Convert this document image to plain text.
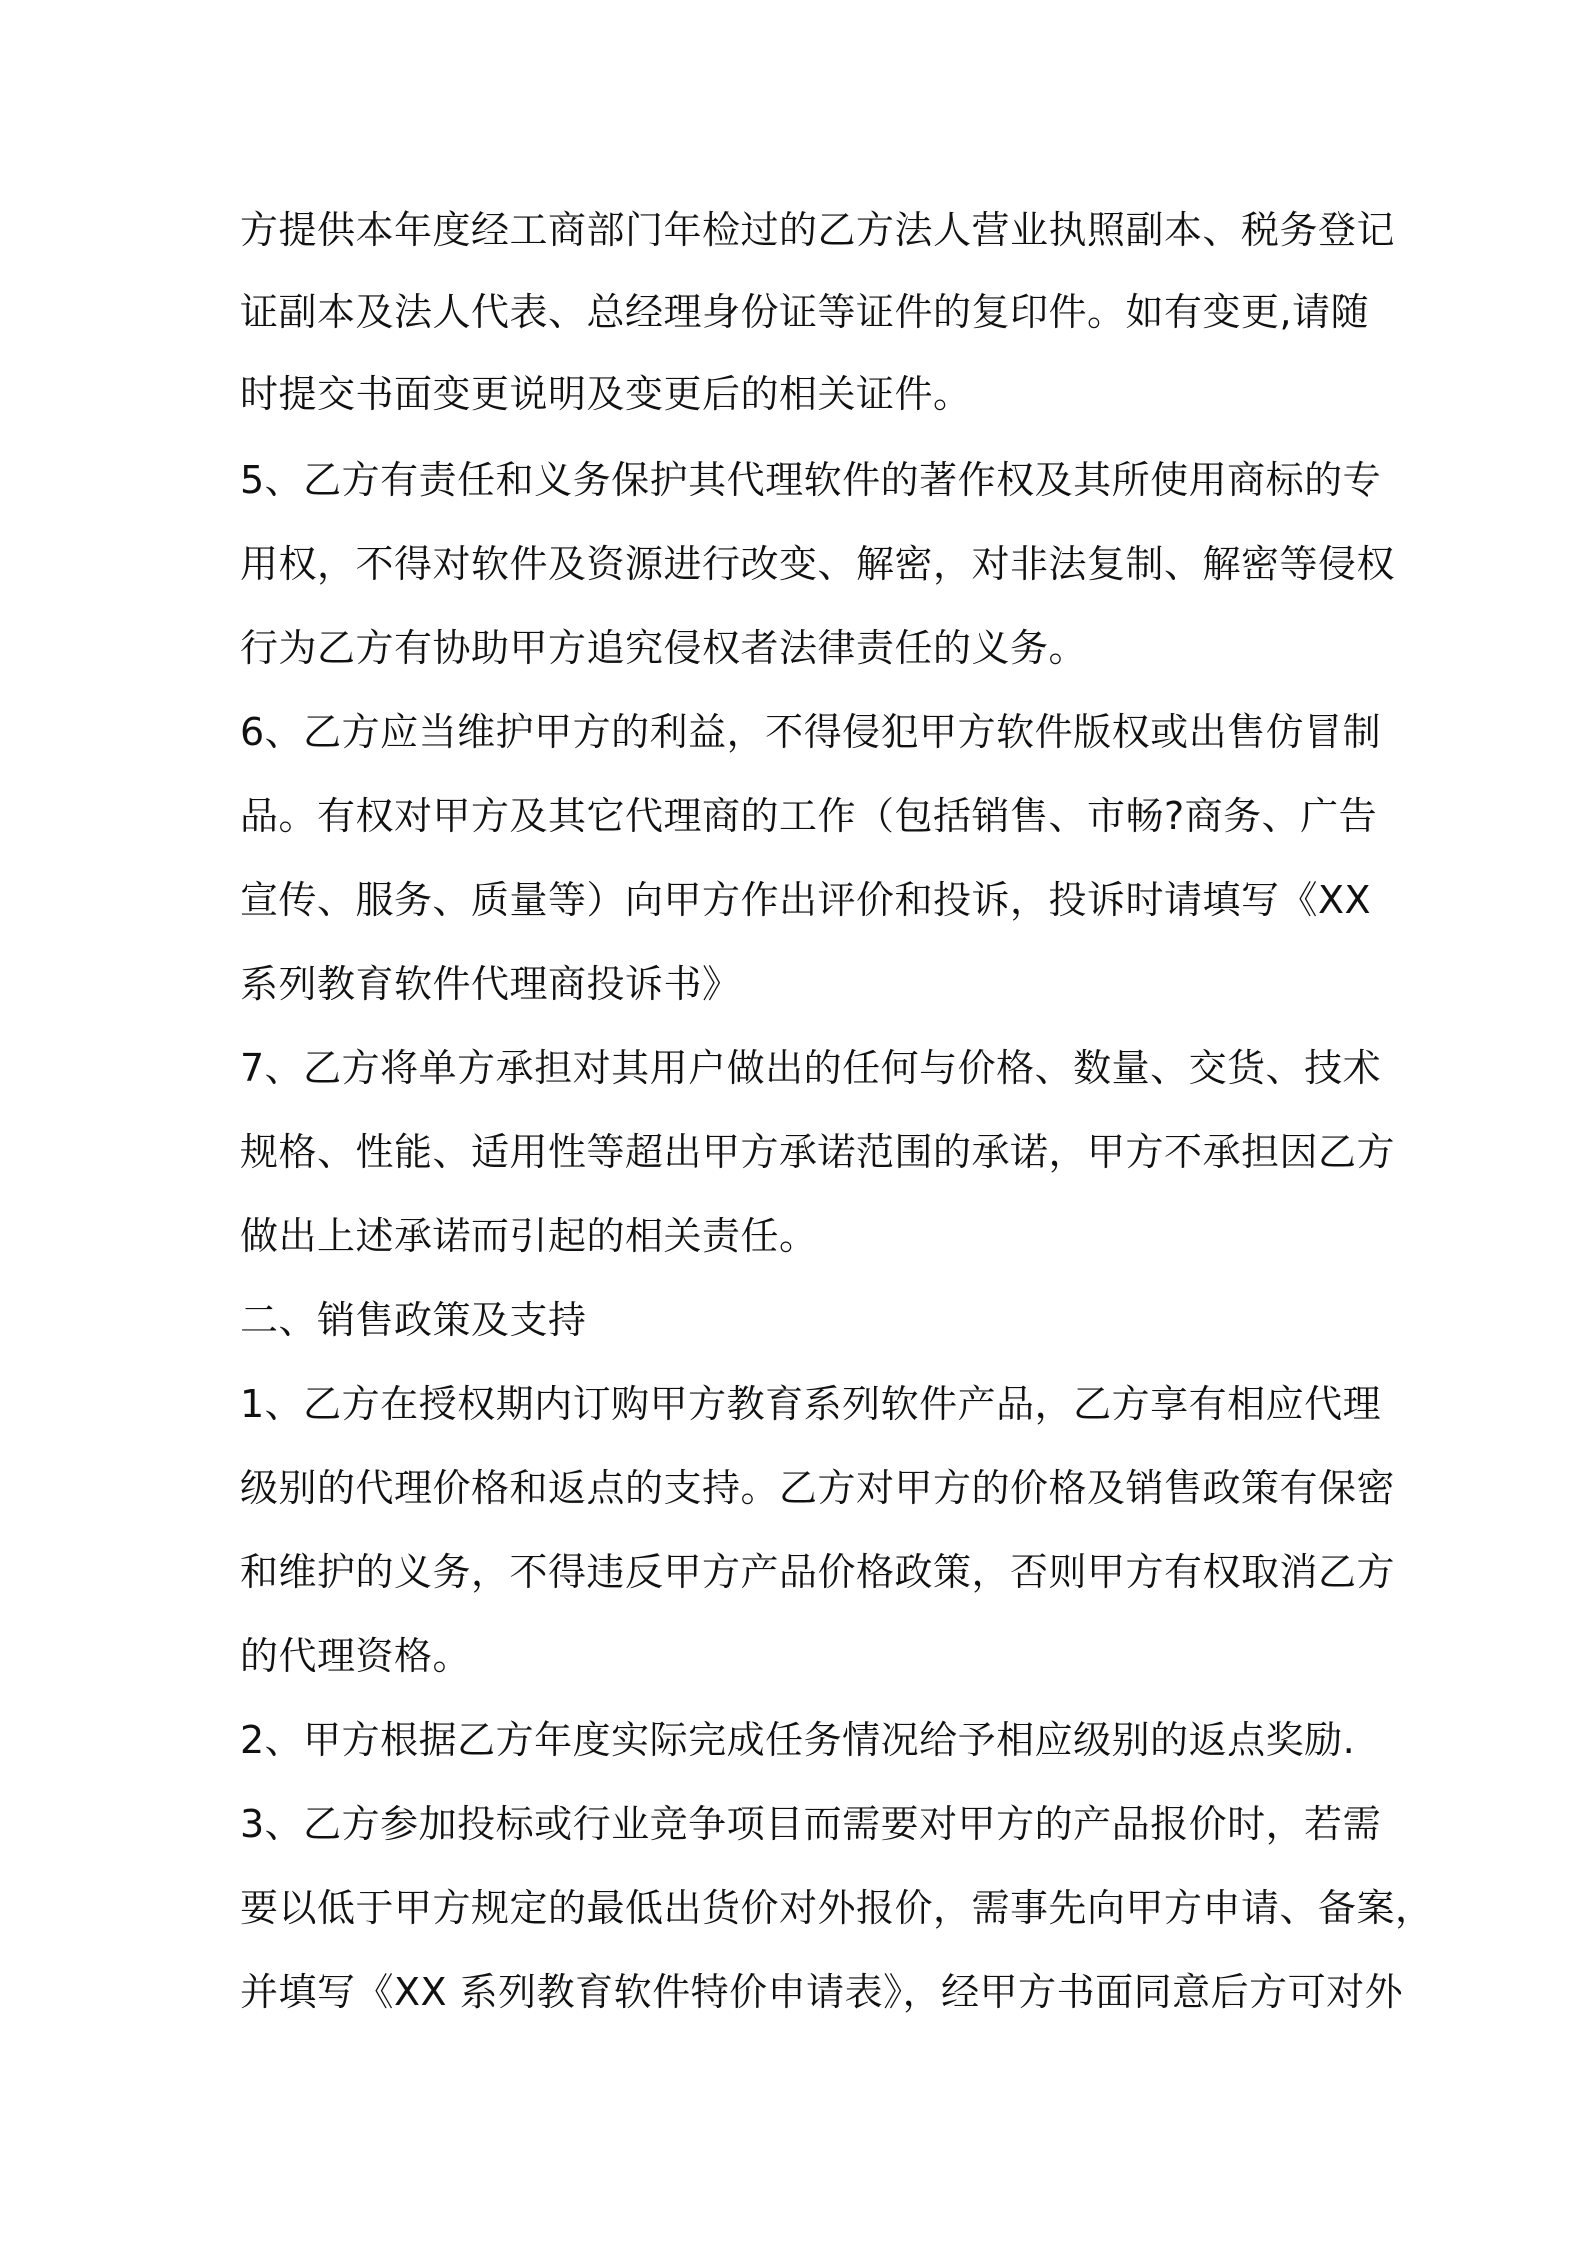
方提供本年度经工商部门年检过的乙方法人营业执照副本、税务登记
证副本及法人代表、总经理身份证等证件的复印件。如有变更,请随
时提交书面变更说明及变更后的相关证件。
5、乙方有责任和义务保护其代理软件的著作权及其所使用商标的专
用权，不得对软件及资源进行改变、解密，对非法复制、解密等侵权
行为乙方有协助甲方追究侵权者法律责任的义务。
6、乙方应当维护甲方的利益，不得侵犯甲方软件版权或出售仿冒制
品。有权对甲方及其它代理商的工作（包括销售、市畅?商务、广告
宣传、服务、质量等）向甲方作出评价和投诉，投诉时请填写《XX
系列教育软件代理商投诉书》
7、乙方将单方承担对其用户做出的任何与价格、数量、交货、技术
规格、性能、适用性等超出甲方承诺范围的承诺，甲方不承担因乙方
做出上述承诺而引起的相关责任。
二、销售政策及支持
1、乙方在授权期内订购甲方教育系列软件产品，乙方享有相应代理
级别的代理价格和返点的支持。乙方对甲方的价格及销售政策有保密
和维护的义务，不得违反甲方产品价格政策，否则甲方有权取消乙方
的代理资格。
2、甲方根据乙方年度实际完成任务情况给予相应级别的返点奖励.
3、乙方参加投标或行业竞争项目而需要对甲方的产品报价时，若需
要以低于甲方规定的最低出货价对外报价，需事先向甲方申请、备案，
并填写《XX 系列教育软件特价申请表》，经甲方书面同意后方可对外
